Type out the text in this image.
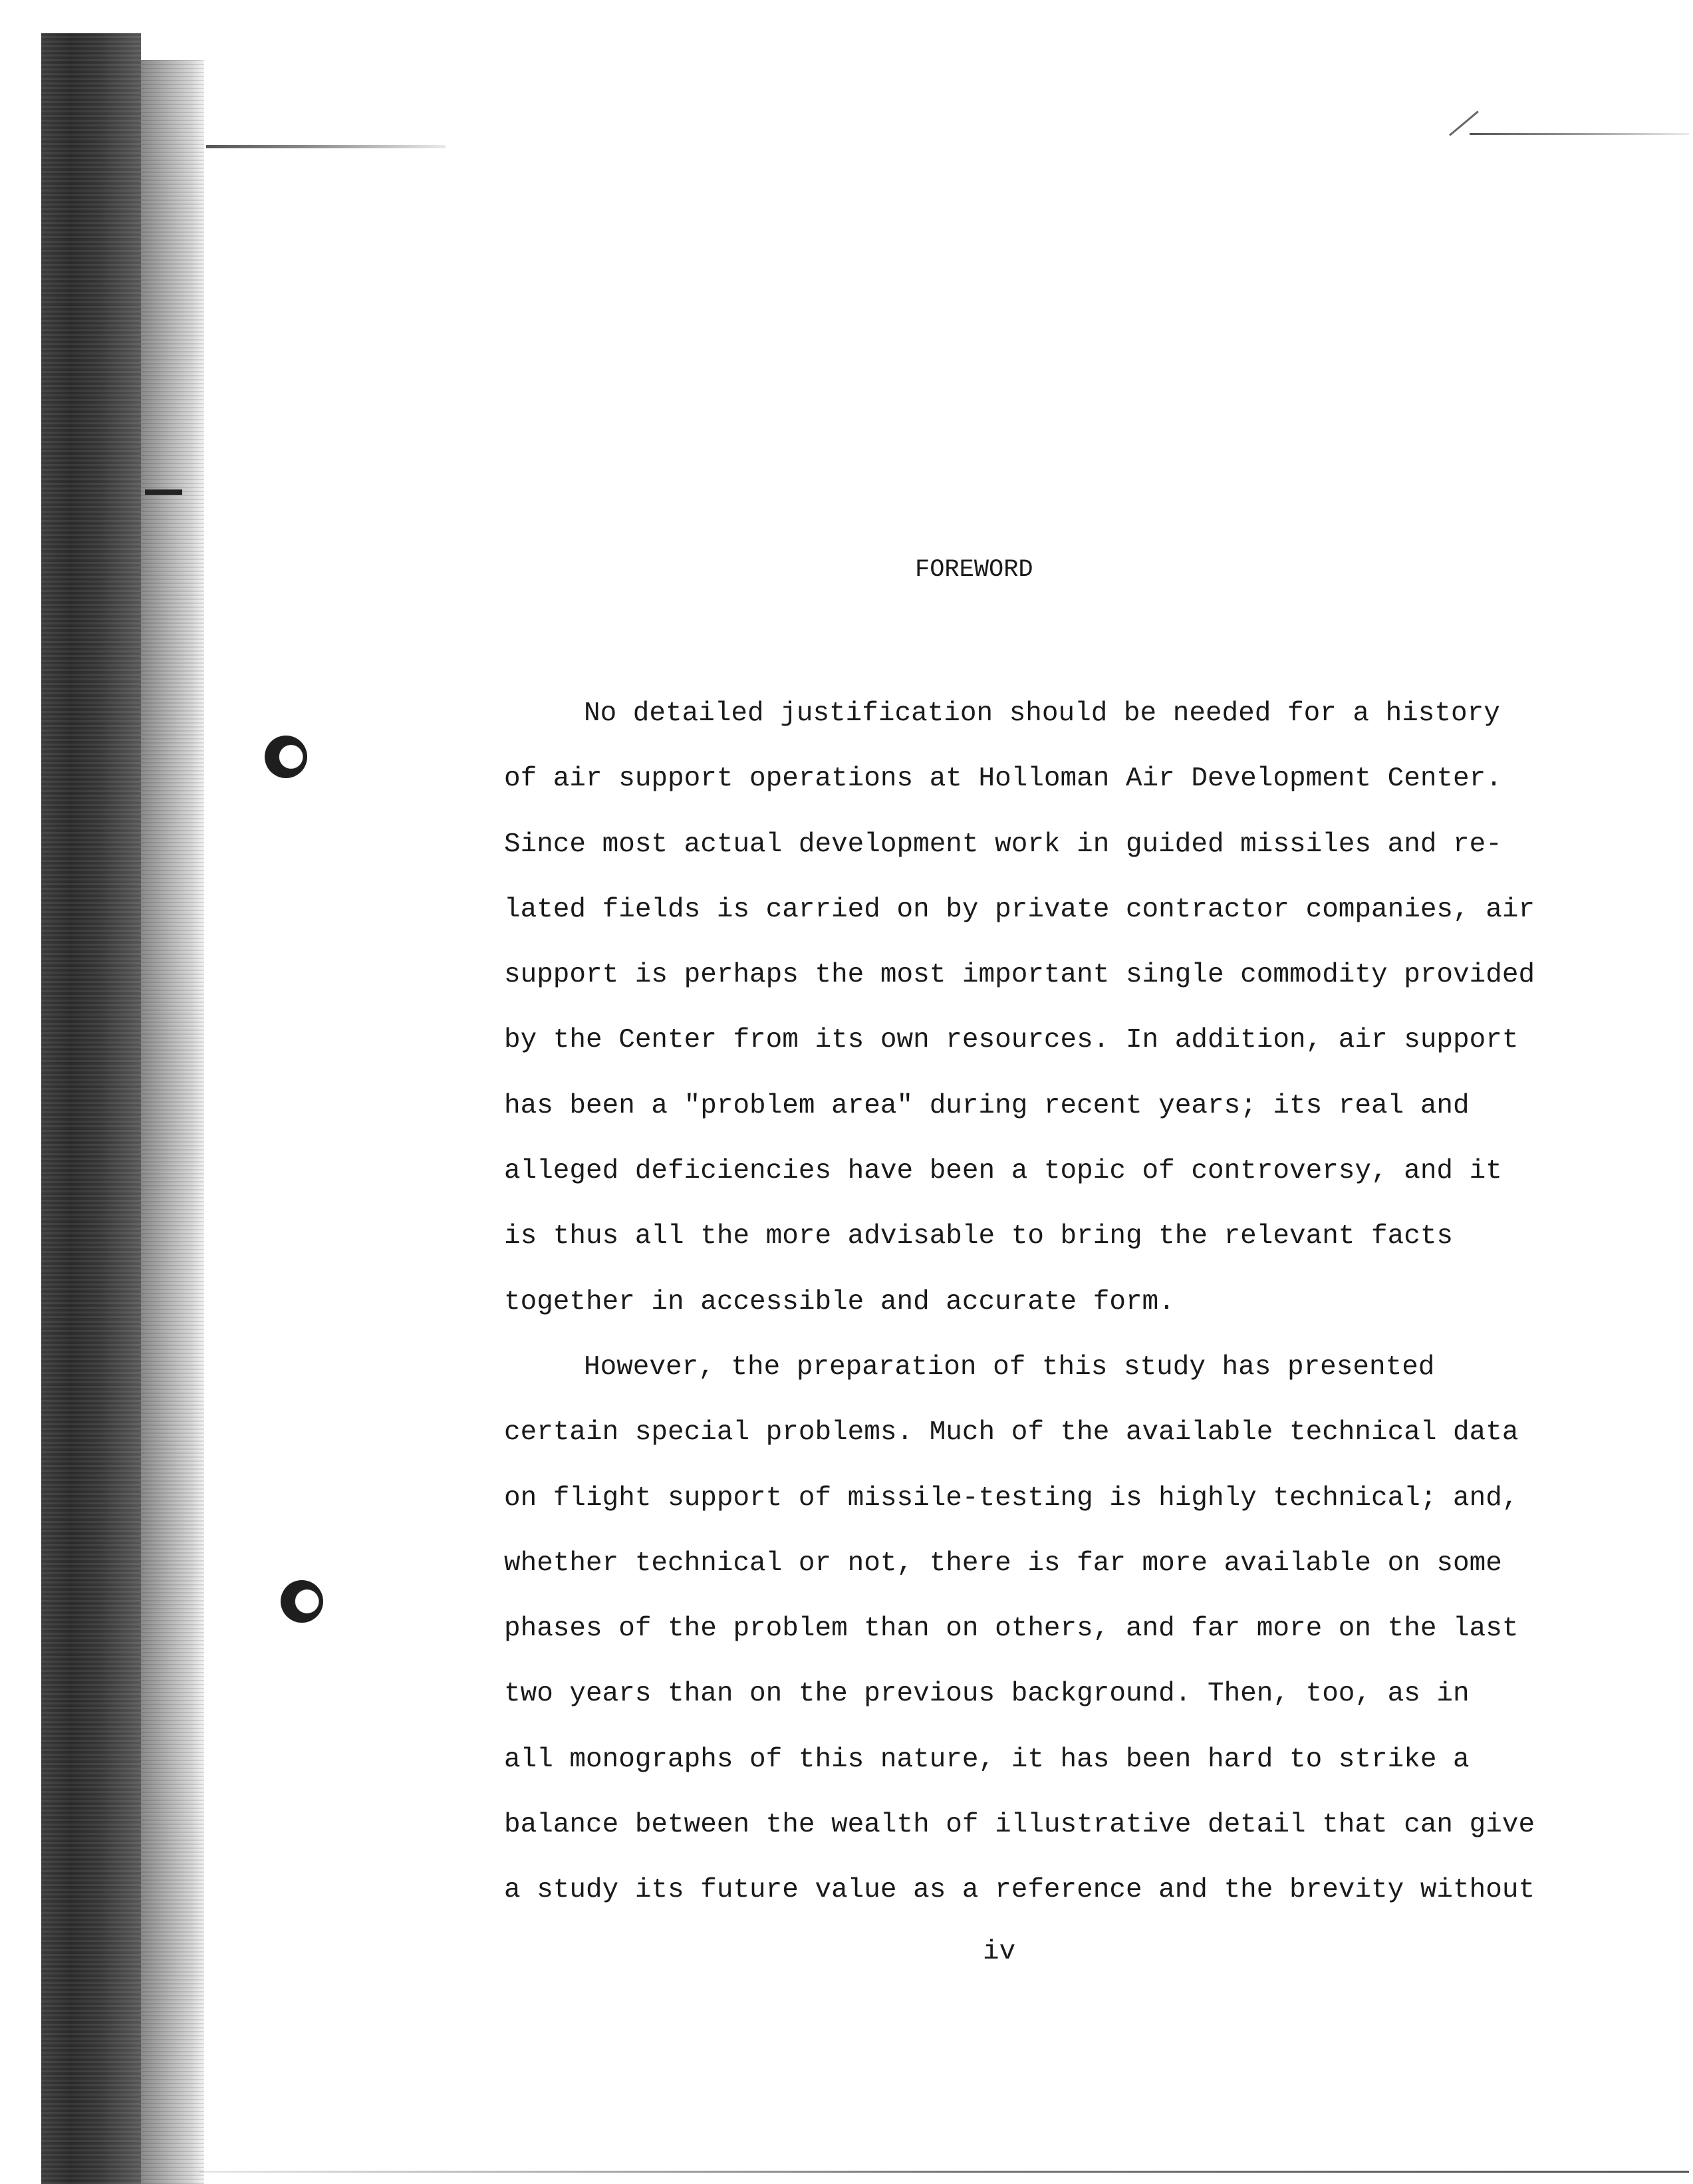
FOREWORD
No detailed justification should be needed for a history
of air support operations at Holloman Air Development Center.
Since most actual development work in guided missiles and re-
lated fields is carried on by private contractor companies, air
support is perhaps the most important single commodity provided
by the Center from its own resources. In addition, air support
has been a "problem area" during recent years; its real and
alleged deficiencies have been a topic of controversy, and it
is thus all the more advisable to bring the relevant facts
together in accessible and accurate form.
However, the preparation of this study has presented
certain special problems. Much of the available technical data
on flight support of missile-testing is highly technical; and,
whether technical or not, there is far more available on some
phases of the problem than on others, and far more on the last
two years than on the previous background. Then, too, as in
all monographs of this nature, it has been hard to strike a
balance between the wealth of illustrative detail that can give
a study its future value as a reference and the brevity without
iv
